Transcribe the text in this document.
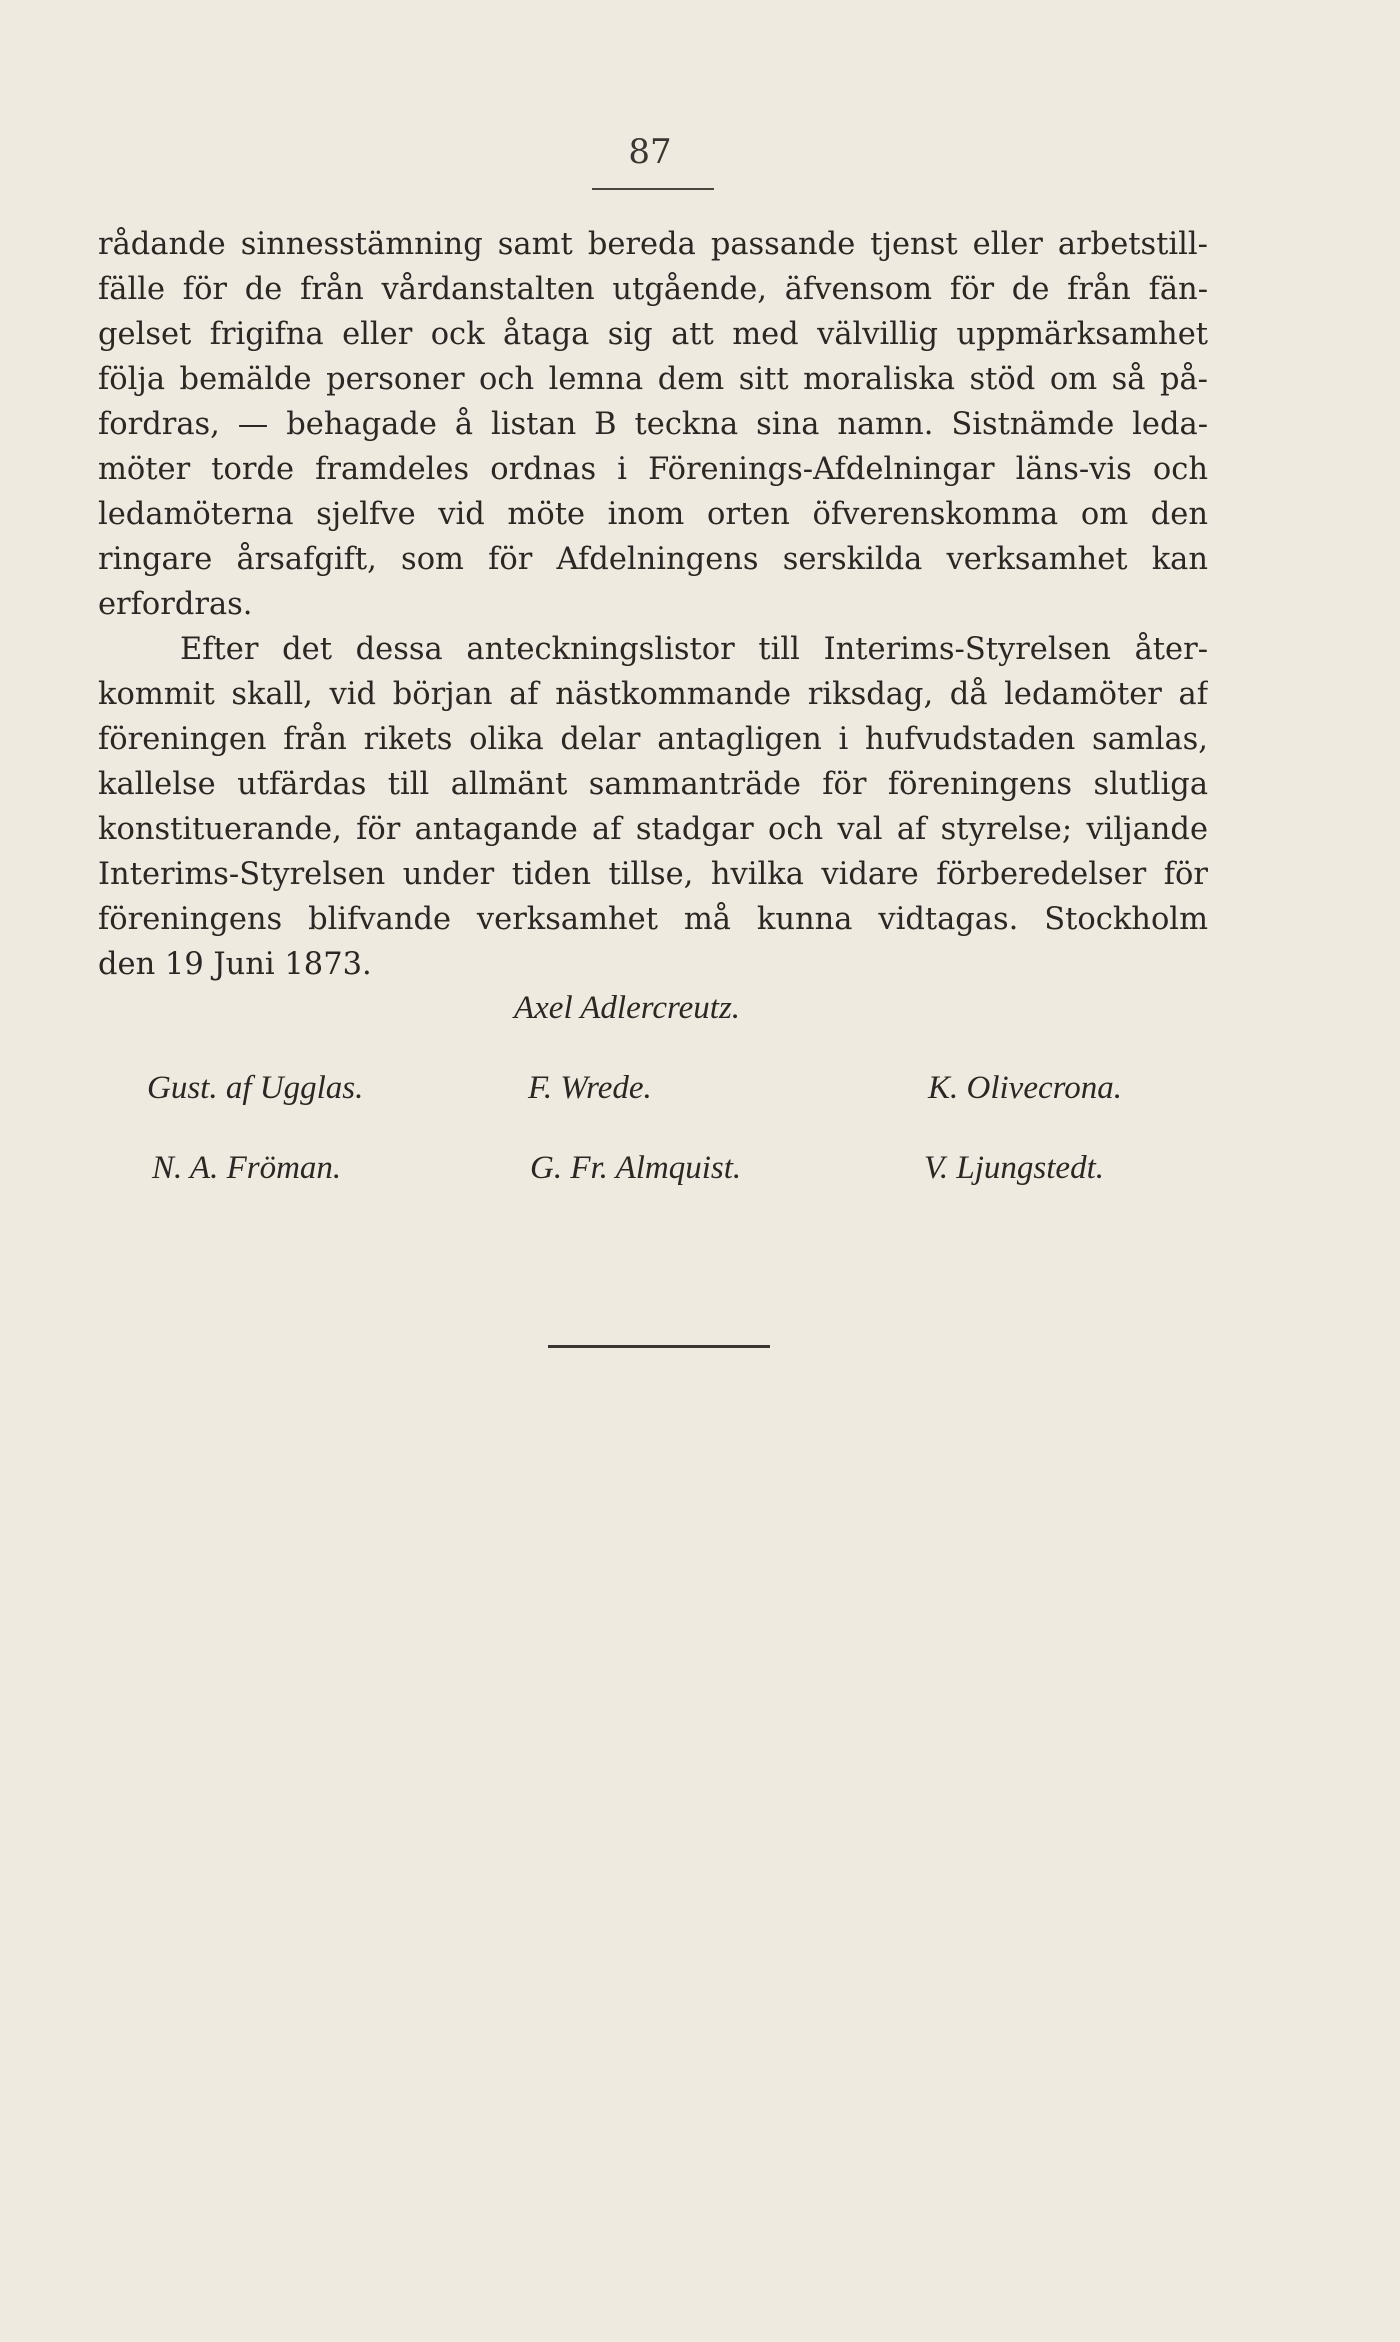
87
rådande sinnesstämning samt bereda passande tjenst eller arbetstill-
fälle för de från vårdanstalten utgående, äfvensom för de från fän-
gelset frigifna eller ock åtaga sig att med välvillig uppmärksamhet
följa bemälde personer och lemna dem sitt moraliska stöd om så på-
fordras, — behagade å listan B teckna sina namn. Sistnämde leda-
möter torde framdeles ordnas i Förenings-Afdelningar läns-vis och
ledamöterna sjelfve vid möte inom orten öfverenskomma om den
ringare årsafgift, som för Afdelningens serskilda verksamhet kan
erfordras.
Efter det dessa anteckningslistor till Interims-Styrelsen åter-
kommit skall, vid början af nästkommande riksdag, då ledamöter af
föreningen från rikets olika delar antagligen i hufvudstaden samlas,
kallelse utfärdas till allmänt sammanträde för föreningens slutliga
konstituerande, för antagande af stadgar och val af styrelse; viljande
Interims-Styrelsen under tiden tillse, hvilka vidare förberedelser för
föreningens blifvande verksamhet må kunna vidtagas. Stockholm
den 19 Juni 1873.
Axel Adlercreutz.
Gust. af Ugglas.	F. Wrede.	K. Olivecrona.
N. A. Fröman.	G. Fr. Almquist.	V. Ljungstedt.
